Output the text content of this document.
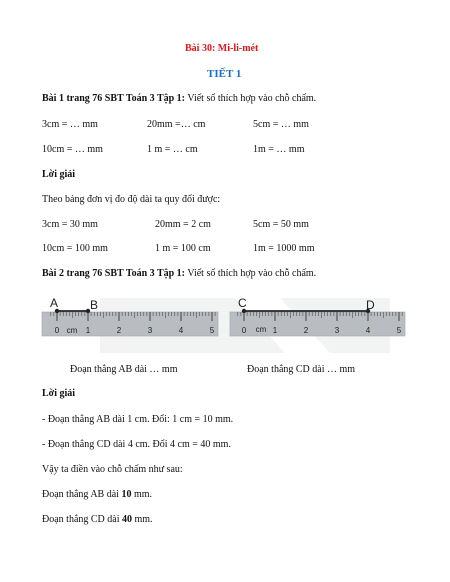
Bài 30: Mi-li-mét
TIẾT 1
Bài 1 trang 76 SBT Toán 3 Tập 1: Viết số thích hợp vào chỗ chấm.
3cm = … mm	20mm =… cm	5cm = … mm
10cm = … mm	1 m = … cm	1m = … mm
Lời giải
Theo bảng đơn vị đo độ dài ta quy đổi được:
3cm = 30 mm	20mm = 2 cm	5cm = 50 mm
10cm = 100 mm	1 m = 100 cm	1m = 1000 mm
Bài 2 trang 76 SBT Toán 3 Tập 1: Viết số thích hợp vào chỗ chấm.
0	1	2	3	4	5
cm
A	B
0	1	2	3	4	5
cm
C	D
Đoạn thẳng AB dài … mm	Đoạn thẳng CD dài … mm
Lời giải
- Đoạn thẳng AB dài 1 cm. Đổi: 1 cm = 10 mm.
- Đoạn thẳng CD dài 4 cm. Đổi 4 cm = 40 mm.
Vậy ta điền vào chỗ chấm như sau:
Đoạn thẳng AB dài 10 mm.
Đoạn thẳng CD dài 40 mm.
